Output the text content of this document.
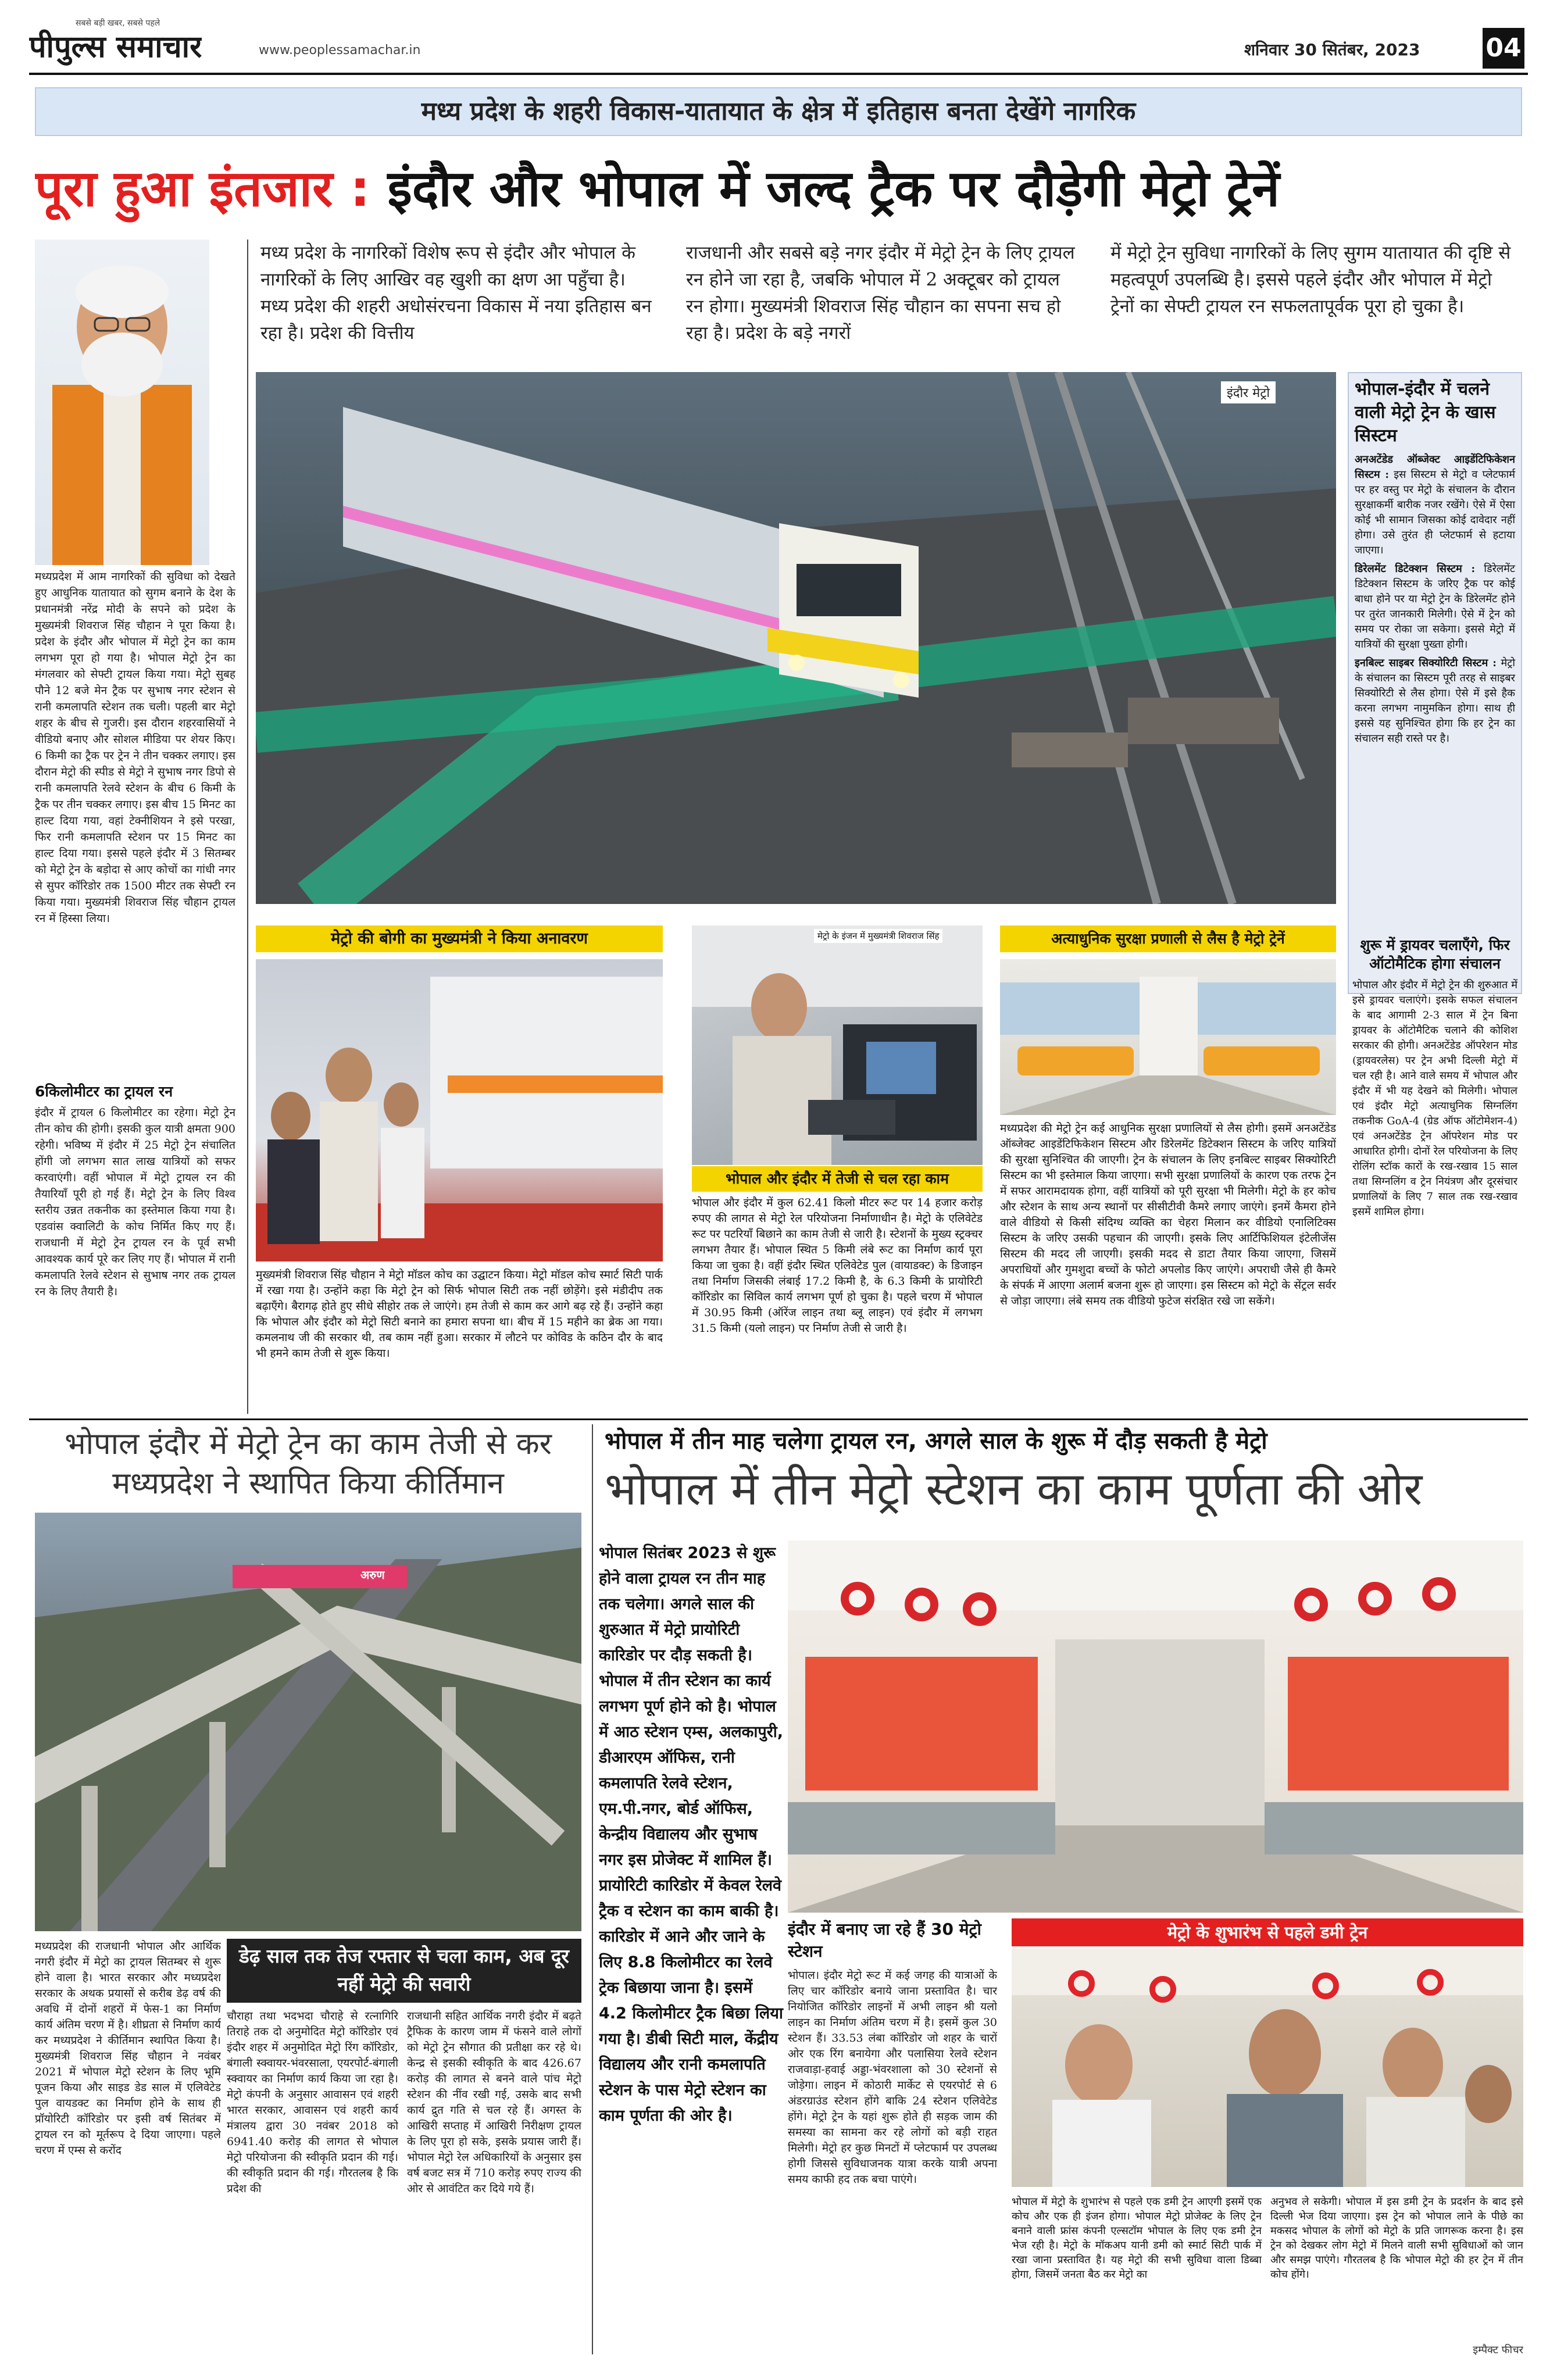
सबसे बड़ी खबर, सबसे पहले
पीपुल्स समाचार	www.peoplessamachar.in	शनिवार 30 सितंबर, 2023	04
मध्य प्रदेश के शहरी विकास-यातायात के क्षेत्र में इतिहास बनता देखेंगे नागरिक
पूरा हुआ इंतजार : इंदौर और भोपाल में जल्द ट्रैक पर दौड़ेगी मेट्रो ट्रेनें
मध्यप्रदेश में आम नागरिकों की सुविधा को देखते हुए आधुनिक यातायात को सुगम बनाने के देश के प्रधानमंत्री नरेंद्र मोदी के सपने को प्रदेश के मुख्यमंत्री शिवराज सिंह चौहान ने पूरा किया है। प्रदेश के इंदौर और भोपाल में मेट्रो ट्रेन का काम लगभग पूरा हो गया है। भोपाल मेट्रो ट्रेन का मंगलवार को सेफ्टी ट्रायल किया गया। मेट्रो सुबह पौने 12 बजे मेन ट्रैक पर सुभाष नगर स्टेशन से रानी कमलापति स्टेशन तक चली। पहली बार मेट्रो शहर के बीच से गुजरी। इस दौरान शहरवासियों ने वीडियो बनाए और सोशल मीडिया पर शेयर किए। 6 किमी का ट्रैक पर ट्रेन ने तीन चक्कर लगाए। इस दौरान मेट्रो की स्पीड से मेट्रो ने सुभाष नगर डिपो से रानी कमलापति रेलवे स्टेशन के बीच 6 किमी के ट्रैक पर तीन चक्कर लगाए। इस बीच 15 मिनट का हाल्ट दिया गया, वहां टेक्नीशियन ने इसे परखा, फिर रानी कमलापति स्टेशन पर 15 मिनट का हाल्ट दिया गया। इससे पहले इंदौर में 3 सितम्बर को मेट्रो ट्रेन के बड़ोदा से आए कोचों का गांधी नगर से सुपर कॉरिडोर तक 1500 मीटर तक सेफ्टी रन किया गया। मुख्यमंत्री शिवराज सिंह चौहान ट्रायल रन में हिस्सा लिया।
6किलोमीटर का ट्रायल रन
इंदौर में ट्रायल 6 किलोमीटर का रहेगा। मेट्रो ट्रेन तीन कोच की होगी। इसकी कुल यात्री क्षमता 900 रहेगी। भविष्य में इंदौर में 25 मेट्रो ट्रेन संचालित होंगी जो लगभग सात लाख यात्रियों को सफर करवाएंगी। वहीं भोपाल में मेट्रो ट्रायल रन की तैयारियाँ पूरी हो गई हैं। मेट्रो ट्रेन के लिए विश्व स्तरीय उन्नत तकनीक का इस्तेमाल किया गया है। एडवांस क्वालिटी के कोच निर्मित किए गए हैं। राजधानी में मेट्रो ट्रेन ट्रायल रन के पूर्व सभी आवश्यक कार्य पूरे कर लिए गए हैं। भोपाल में रानी कमलापति रेलवे स्टेशन से सुभाष नगर तक ट्रायल रन के लिए तैयारी है।
मध्य प्रदेश के नागरिकों विशेष रूप से इंदौर और भोपाल के नागरिकों के लिए आखिर वह खुशी का क्षण आ पहुँचा है। मध्य प्रदेश की शहरी अधोसंरचना विकास में नया इतिहास बन रहा है। प्रदेश की वित्तीय
राजधानी और सबसे बड़े नगर इंदौर में मेट्रो ट्रेन के लिए ट्रायल रन होने जा रहा है, जबकि भोपाल में 2 अक्टूबर को ट्रायल रन होगा। मुख्यमंत्री शिवराज सिंह चौहान का सपना सच हो रहा है। प्रदेश के बड़े नगरों
में मेट्रो ट्रेन सुविधा नागरिकों के लिए सुगम यातायात की दृष्टि से महत्वपूर्ण उपलब्धि है। इससे पहले इंदौर और भोपाल में मेट्रो ट्रेनों का सेफ्टी ट्रायल रन सफलतापूर्वक पूरा हो चुका है।
इंदौर मेट्रो	भोपाल-इंदौर में चलने वाली मेट्रो ट्रेन के खास सिस्टम
अनअटेंडेड ऑब्जेक्ट आइडेंटिफिकेशन सिस्टम : इस सिस्टम से मेट्रो व प्लेटफार्म पर हर वस्तु पर मेट्रो के संचालन के दौरान सुरक्षाकर्मी बारीक नजर रखेंगे। ऐसे में ऐसा कोई भी सामान जिसका कोई दावेदार नहीं होगा। उसे तुरंत ही प्लेटफार्म से हटाया जाएगा।
डिरेलमेंट डिटेक्शन सिस्टम : डिरेलमेंट डिटेक्शन सिस्टम के जरिए ट्रैक पर कोई बाधा होने पर या मेट्रो ट्रेन के डिरेलमेंट होने पर तुरंत जानकारी मिलेगी। ऐसे में ट्रेन को समय पर रोका जा सकेगा। इससे मेट्रो में यात्रियों की सुरक्षा पुख्ता होगी।
इनबिल्ट साइबर सिक्योरिटी सिस्टम : मेट्रो के संचालन का सिस्टम पूरी तरह से साइबर सिक्योरिटी से लैस होगा। ऐसे में इसे हैक करना लगभग नामुमकिन होगा। साथ ही इससे यह सुनिश्चित होगा कि हर ट्रेन का संचालन सही रास्ते पर है।
शुरू में ड्रायवर चलाएँगे, फिर ऑटोमैटिक होगा संचालन
भोपाल और इंदौर में मेट्रो ट्रेन की शुरुआत में इसे ड्रायवर चलाएंगे। इसके सफल संचालन के बाद आगामी 2-3 साल में ट्रेन बिना ड्रायवर के ऑटोमैटिक चलाने की कोशिश सरकार की होगी। अनअटेंडेड ऑपरेशन मोड (ड्रायवरलेस) पर ट्रेन अभी दिल्ली मेट्रो में चल रही है। आने वाले समय में भोपाल और इंदौर में भी यह देखने को मिलेगी। भोपाल एवं इंदौर मेट्रो अत्याधुनिक सिग्नलिंग तकनीक GoA-4 (ग्रेड ऑफ ऑटोमेशन-4) एवं अनअटेंडेड ट्रेन ऑपरेशन मोड पर आधारित होगी। दोनों रेल परियोजना के लिए रोलिंग स्टॉक कारों के रख-रखाव 15 साल तथा सिग्नलिंग व ट्रेन नियंत्रण और दूरसंचार प्रणालियों के लिए 7 साल तक रख-रखाव इसमें शामिल होगा।
मेट्रो की बोगी का मुख्यमंत्री ने किया अनावरण
मुख्यमंत्री शिवराज सिंह चौहान ने मेट्रो मॉडल कोच का उद्घाटन किया। मेट्रो मॉडल कोच स्मार्ट सिटी पार्क में रखा गया है। उन्होंने कहा कि मेट्रो ट्रेन को सिर्फ भोपाल सिटी तक नहीं छोड़ेंगे। इसे मंडीदीप तक बढ़ाएँगे। बैरागढ़ होते हुए सीधे सीहोर तक ले जाएंगे। हम तेजी से काम कर आगे बढ़ रहे हैं। उन्होंने कहा कि भोपाल और इंदौर को मेट्रो सिटी बनाने का हमारा सपना था। बीच में 15 महीने का ब्रेक आ गया। कमलनाथ जी की सरकार थी, तब काम नहीं हुआ। सरकार में लौटने पर कोविड के कठिन दौर के बाद भी हमने काम तेजी से शुरू किया।
मेट्रो के इंजन में मुख्यमंत्री शिवराज सिंह
भोपाल और इंदौर में तेजी से चल रहा काम
भोपाल और इंदौर में कुल 62.41 किलो मीटर रूट पर 14 हजार करोड़ रुपए की लागत से मेट्रो रेल परियोजना निर्माणाधीन है। मेट्रो के एलिवेटेड रूट पर पटरियाँ बिछाने का काम तेजी से जारी है। स्टेशनों के मुख्य स्ट्रक्चर लगभग तैयार हैं। भोपाल स्थित 5 किमी लंबे रूट का निर्माण कार्य पूरा किया जा चुका है। वहीं इंदौर स्थित एलिवेटेड पुल (वायाडक्ट) के डिजाइन तथा निर्माण जिसकी लंबाई 17.2 किमी है, के 6.3 किमी के प्रायोरिटी कॉरिडोर का सिविल कार्य लगभग पूर्ण हो चुका है। पहले चरण में भोपाल में 30.95 किमी (ऑरेंज लाइन तथा ब्लू लाइन) एवं इंदौर में लगभग 31.5 किमी (यलो लाइन) पर निर्माण तेजी से जारी है।
अत्याधुनिक सुरक्षा प्रणाली से लैस है मेट्रो ट्रेनें
मध्यप्रदेश की मेट्रो ट्रेन कई आधुनिक सुरक्षा प्रणालियों से लैस होगी। इसमें अनअटेंडेड ऑब्जेक्ट आइडेंटिफिकेशन सिस्टम और डिरेलमेंट डिटेक्शन सिस्टम के जरिए यात्रियों की सुरक्षा सुनिश्चित की जाएगी। ट्रेन के संचालन के लिए इनबिल्ट साइबर सिक्योरिटी सिस्टम का भी इस्तेमाल किया जाएगा। सभी सुरक्षा प्रणालियों के कारण एक तरफ ट्रेन में सफर आरामदायक होगा, वहीं यात्रियों को पूरी सुरक्षा भी मिलेगी। मेट्रो के हर कोच और स्टेशन के साथ अन्य स्थानों पर सीसीटीवी कैमरे लगाए जाएंगे। इनमें कैमरा होने वाले वीडियो से किसी संदिग्ध व्यक्ति का चेहरा मिलान कर वीडियो एनालिटिक्स सिस्टम के जरिए उसकी पहचान की जाएगी। इसके लिए आर्टिफिशियल इंटेलीजेंस सिस्टम की मदद ली जाएगी। इसकी मदद से डाटा तैयार किया जाएगा, जिसमें अपराधियों और गुमशुदा बच्चों के फोटो अपलोड किए जाएंगे। अपराधी जैसे ही कैमरे के संपर्क में आएगा अलार्म बजना शुरू हो जाएगा। इस सिस्टम को मेट्रो के सेंट्रल सर्वर से जोड़ा जाएगा। लंबे समय तक वीडियो फुटेज संरक्षित रखे जा सकेंगे।
भोपाल इंदौर में मेट्रो ट्रेन का काम तेजी से कर मध्यप्रदेश ने स्थापित किया कीर्तिमान
अरुण
मध्यप्रदेश की राजधानी भोपाल और आर्थिक नगरी इंदौर में मेट्रो का ट्रायल सितम्बर से शुरू होने वाला है। भारत सरकार और मध्यप्रदेश सरकार के अथक प्रयासों से करीब डेढ़ वर्ष की अवधि में दोनों शहरों में फेस-1 का निर्माण कार्य अंतिम चरण में है। शीघ्रता से निर्माण कार्य कर मध्यप्रदेश ने कीर्तिमान स्थापित किया है। मुख्यमंत्री शिवराज सिंह चौहान ने नवंबर 2021 में भोपाल मेट्रो स्टेशन के लिए भूमि पूजन किया और साइड डेड साल में एलिवेटेड पुल वायडक्ट का निर्माण होने के साथ ही प्रॉयोरिटी कॉरिडोर पर इसी वर्ष सितंबर में ट्रायल रन को मूर्तरूप दे दिया जाएगा। पहले चरण में एम्स से करोंद
डेढ़ साल तक तेज रफ्तार से चला काम, अब दूर नहीं मेट्रो की सवारी
चौराहा तथा भदभदा चौराहे से रत्नागिरि तिराहे तक दो अनुमोदित मेट्रो कॉरिडोर एवं इंदौर शहर में अनुमोदित मेट्रो रिंग कॉरिडोर, बंगाली स्क्वायर-भंवरसाला, एयरपोर्ट-बंगाली स्क्वायर का निर्माण कार्य किया जा रहा है। मेट्रो कंपनी के अनुसार आवासन एवं शहरी भारत सरकार, आवासन एवं शहरी कार्य मंत्रालय द्वारा 30 नवंबर 2018 को 6941.40 करोड़ की लागत से भोपाल मेट्रो परियोजना की स्वीकृति प्रदान की गई। की स्वीकृति प्रदान की गई। गौरतलब है कि प्रदेश की
राजधानी सहित आर्थिक नगरी इंदौर में बढ़ते ट्रैफिक के कारण जाम में फंसने वाले लोगों को मेट्रो ट्रेन सौगात की प्रतीक्षा कर रहे थे। केन्द्र से इसकी स्वीकृति के बाद 426.67 करोड़ की लागत से बनने वाले पांच मेट्रो स्टेशन की नींव रखी गई, उसके बाद सभी कार्य द्रुत गति से चल रहे हैं। अगस्त के आखिरी सप्ताह में आखिरी निरीक्षण ट्रायल के लिए पूरा हो सके, इसके प्रयास जारी हैं। भोपाल मेट्रो रेल अधिकारियों के अनुसार इस वर्ष बजट सत्र में 710 करोड़ रुपए राज्य की ओर से आवंटित कर दिये गये हैं।
भोपाल में तीन माह चलेगा ट्रायल रन, अगले साल के शुरू में दौड़ सकती है मेट्रो
भोपाल में तीन मेट्रो स्टेशन का काम पूर्णता की ओर
भोपाल सितंबर 2023 से शुरू होने वाला ट्रायल रन तीन माह तक चलेगा। अगले साल की शुरुआत में मेट्रो प्रायोरिटी कारिडोर पर दौड़ सकती है। भोपाल में तीन स्टेशन का कार्य लगभग पूर्ण होने को है। भोपाल में आठ स्टेशन एम्स, अलकापुरी, डीआरएम ऑफिस, रानी कमलापति रेलवे स्टेशन, एम.पी.नगर, बोर्ड ऑफिस, केन्द्रीय विद्यालय और सुभाष नगर इस प्रोजेक्ट में शामिल हैं। प्रायोरिटी कारिडोर में केवल रेलवे ट्रैक व स्टेशन का काम बाकी है। कारिडोर में आने और जाने के लिए 8.8 किलोमीटर का रेलवे ट्रेक बिछाया जाना है। इसमें 4.2 किलोमीटर ट्रैक बिछा लिया गया है। डीबी सिटी माल, केंद्रीय विद्यालय और रानी कमलापति स्टेशन के पास मेट्रो स्टेशन का काम पूर्णता की ओर है।
इंदौर में बनाए जा रहे हैं 30 मेट्रो स्टेशन
भोपाल। इंदौर मेट्रो रूट में कई जगह की यात्राओं के लिए चार कॉरिडोर बनाये जाना प्रस्तावित है। चार नियोजित कॉरिडोर लाइनों में अभी लाइन श्री यलो लाइन का निर्माण अंतिम चरण में है। इसमें कुल 30 स्टेशन हैं। 33.53 लंबा कॉरिडोर जो शहर के चारों ओर एक रिंग बनायेगा और पलासिया रेलवे स्टेशन राजवाड़ा-हवाई अड्डा-भंवरशाला को 30 स्टेशनों से जोड़ेगा। लाइन में कोठारी मार्केट से एयरपोर्ट से 6 अंडरग्राउंड स्टेशन होंगे बाकि 24 स्टेशन एलिवेटेड होंगे। मेट्रो ट्रेन के यहां शुरू होते ही सड़क जाम की समस्या का सामना कर रहे लोगों को बड़ी राहत मिलेगी। मेट्रो हर कुछ मिनटों में प्लेटफार्म पर उपलब्ध होगी जिससे सुविधाजनक यात्रा करके यात्री अपना समय काफी हद तक बचा पाएंगे।
मेट्रो के शुभारंभ से पहले डमी ट्रेन
भोपाल में मेट्रो के शुभारंभ से पहले एक डमी ट्रेन आएगी इसमें एक कोच और एक ही इंजन होगा। भोपाल मेट्रो प्रोजेक्ट के लिए ट्रेन बनाने वाली फ्रांस कंपनी एल्सटॉम भोपाल के लिए एक डमी ट्रेन भेज रही है। मेट्रो के मॉकअप यानी डमी को स्मार्ट सिटी पार्क में रखा जाना प्रस्तावित है। यह मेट्रो की सभी सुविधा वाला डिब्बा होगा, जिसमें जनता बैठ कर मेट्रो का
अनुभव ले सकेगी। भोपाल में इस डमी ट्रेन के प्रदर्शन के बाद इसे दिल्ली भेज दिया जाएगा। इस ट्रेन को भोपाल लाने के पीछे का मकसद भोपाल के लोगों को मेट्रो के प्रति जागरूक करना है। इस ट्रेन को देखकर लोग मेट्रो में मिलने वाली सभी सुविधाओं को जान और समझ पाएंगे। गौरतलब है कि भोपाल मेट्रो की हर ट्रेन में तीन कोच होंगे।
इम्पैक्ट फीचर
